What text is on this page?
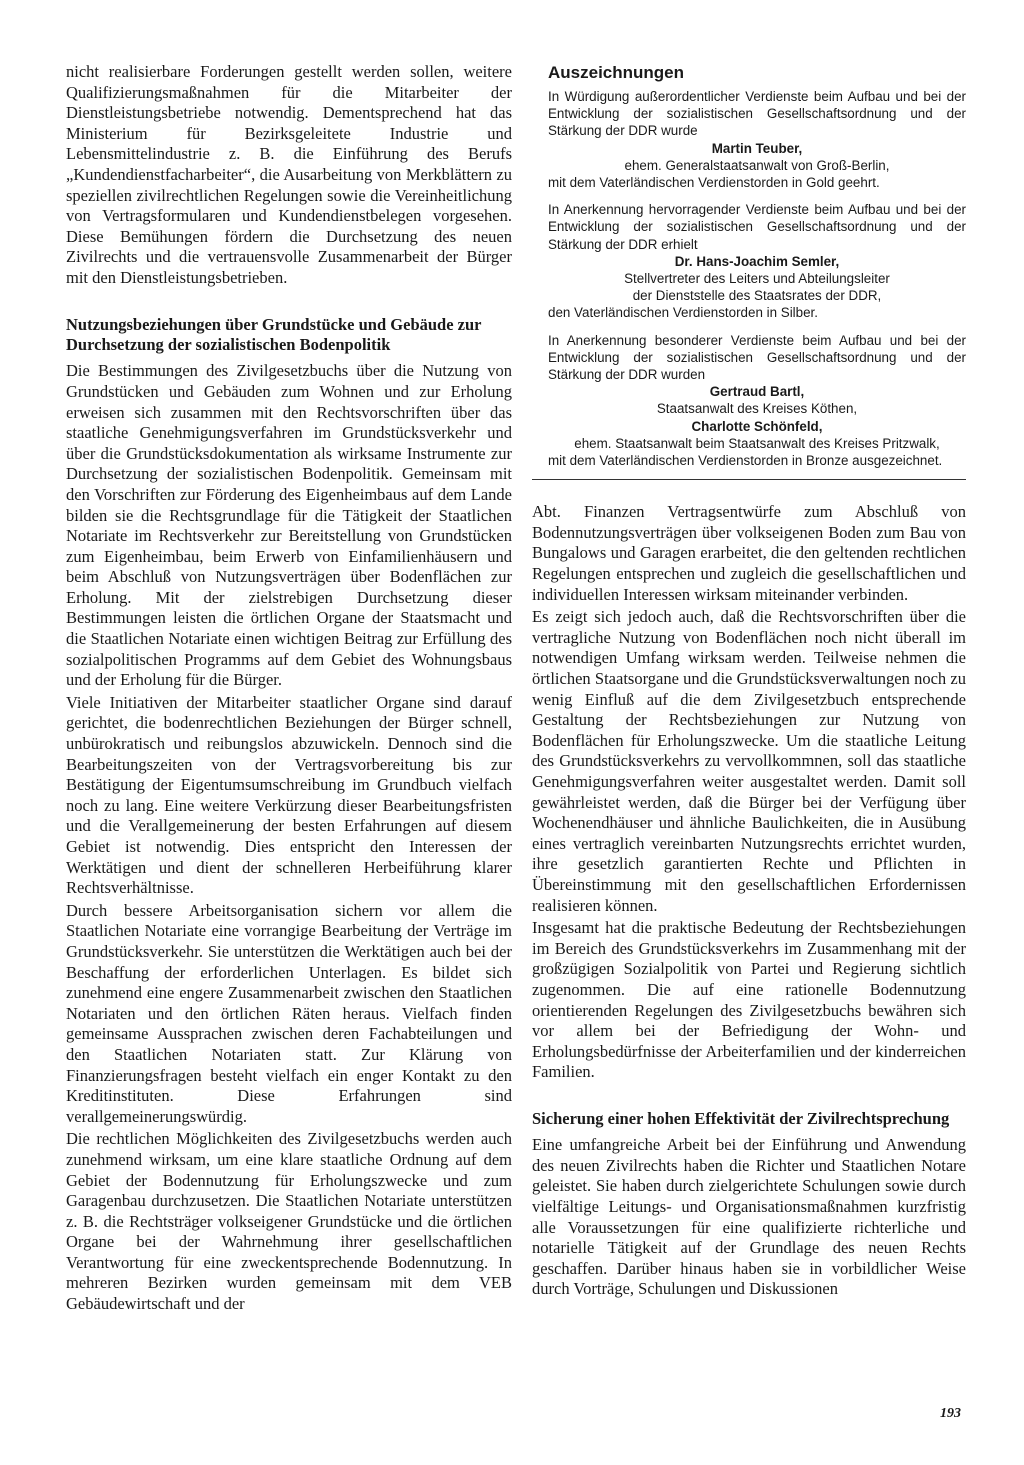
nicht realisierbare Forderungen gestellt werden sollen, weitere Qualifizierungsmaßnahmen für die Mitarbeiter der Dienstleistungsbetriebe notwendig. Dementsprechend hat das Ministerium für Bezirksgeleitete Industrie und Lebensmittelindustrie z. B. die Einführung des Berufs „Kundendienstfacharbeiter“, die Ausarbeitung von Merkblättern zu speziellen zivilrechtlichen Regelungen sowie die Vereinheitlichung von Vertragsformularen und Kundendienstbelegen vorgesehen. Diese Bemühungen fördern die Durchsetzung des neuen Zivilrechts und die vertrauensvolle Zusammenarbeit der Bürger mit den Dienstleistungsbetrieben.

Nutzungsbeziehungen über Grundstücke und Gebäude zur Durchsetzung der sozialistischen Bodenpolitik

Die Bestimmungen des Zivilgesetzbuchs über die Nutzung von Grundstücken und Gebäuden zum Wohnen und zur Erholung erweisen sich zusammen mit den Rechtsvorschriften über das staatliche Genehmigungsverfahren im Grundstücksverkehr und über die Grundstücksdokumentation als wirksame Instrumente zur Durchsetzung der sozialistischen Bodenpolitik. Gemeinsam mit den Vorschriften zur Förderung des Eigenheimbaus auf dem Lande bilden sie die Rechtsgrundlage für die Tätigkeit der Staatlichen Notariate im Rechtsverkehr zur Bereitstellung von Grundstücken zum Eigenheimbau, beim Erwerb von Einfamilienhäusern und beim Abschluß von Nutzungsverträgen über Bodenflächen zur Erholung. Mit der zielstrebigen Durchsetzung dieser Bestimmungen leisten die örtlichen Organe der Staatsmacht und die Staatlichen Notariate einen wichtigen Beitrag zur Erfüllung des sozialpolitischen Programms auf dem Gebiet des Wohnungsbaus und der Erholung für die Bürger.

Viele Initiativen der Mitarbeiter staatlicher Organe sind darauf gerichtet, die bodenrechtlichen Beziehungen der Bürger schnell, unbürokratisch und reibungslos abzuwickeln. Dennoch sind die Bearbeitungszeiten von der Vertragsvorbereitung bis zur Bestätigung der Eigentumsumschreibung im Grundbuch vielfach noch zu lang. Eine weitere Verkürzung dieser Bearbeitungsfristen und die Verallgemeinerung der besten Erfahrungen auf diesem Gebiet ist notwendig. Dies entspricht den Interessen der Werktätigen und dient der schnelleren Herbeiführung klarer Rechtsverhältnisse.

Durch bessere Arbeitsorganisation sichern vor allem die Staatlichen Notariate eine vorrangige Bearbeitung der Verträge im Grundstücksverkehr. Sie unterstützen die Werktätigen auch bei der Beschaffung der erforderlichen Unterlagen. Es bildet sich zunehmend eine engere Zusammenarbeit zwischen den Staatlichen Notariaten und den örtlichen Räten heraus. Vielfach finden gemeinsame Aussprachen zwischen deren Fachabteilungen und den Staatlichen Notariaten statt. Zur Klärung von Finanzierungsfragen besteht vielfach ein enger Kontakt zu den Kreditinstituten. Diese Erfahrungen sind verallgemeinerungswürdig.

Die rechtlichen Möglichkeiten des Zivilgesetzbuchs werden auch zunehmend wirksam, um eine klare staatliche Ordnung auf dem Gebiet der Bodennutzung für Erholungszwecke und zum Garagenbau durchzusetzen. Die Staatlichen Notariate unterstützen z. B. die Rechtsträger volkseigener Grundstücke und die örtlichen Organe bei der Wahrnehmung ihrer gesellschaftlichen Verantwortung für eine zweckentsprechende Bodennutzung. In mehreren Bezirken wurden gemeinsam mit dem VEB Gebäudewirtschaft und der

Auszeichnungen
In Würdigung außerordentlicher Verdienste beim Aufbau und bei der Entwicklung der sozialistischen Gesellschaftsordnung und der Stärkung der DDR wurde
Martin Teuber,
ehem. Generalstaatsanwalt von Groß-Berlin,
mit dem Vaterländischen Verdienstorden in Gold geehrt.
In Anerkennung hervorragender Verdienste beim Aufbau und bei der Entwicklung der sozialistischen Gesellschaftsordnung und der Stärkung der DDR erhielt
Dr. Hans-Joachim Semler,
Stellvertreter des Leiters und Abteilungsleiter
der Dienststelle des Staatsrates der DDR,
den Vaterländischen Verdienstorden in Silber.
In Anerkennung besonderer Verdienste beim Aufbau und bei der Entwicklung der sozialistischen Gesellschaftsordnung und der Stärkung der DDR wurden
Gertraud Bartl,
Staatsanwalt des Kreises Köthen,
Charlotte Schönfeld,
ehem. Staatsanwalt beim Staatsanwalt des Kreises Pritzwalk,
mit dem Vaterländischen Verdienstorden in Bronze ausgezeichnet.

Abt. Finanzen Vertragsentwürfe zum Abschluß von Bodennutzungsverträgen über volkseigenen Boden zum Bau von Bungalows und Garagen erarbeitet, die den geltenden rechtlichen Regelungen entsprechen und zugleich die gesellschaftlichen und individuellen Interessen wirksam miteinander verbinden.

Es zeigt sich jedoch auch, daß die Rechtsvorschriften über die vertragliche Nutzung von Bodenflächen noch nicht überall im notwendigen Umfang wirksam werden. Teilweise nehmen die örtlichen Staatsorgane und die Grundstücksverwaltungen noch zu wenig Einfluß auf die dem Zivilgesetzbuch entsprechende Gestaltung der Rechtsbeziehungen zur Nutzung von Bodenflächen für Erholungszwecke. Um die staatliche Leitung des Grundstücksverkehrs zu vervollkommnen, soll das staatliche Genehmigungsverfahren weiter ausgestaltet werden. Damit soll gewährleistet werden, daß die Bürger bei der Verfügung über Wochenendhäuser und ähnliche Baulichkeiten, die in Ausübung eines vertraglich vereinbarten Nutzungsrechts errichtet wurden, ihre gesetzlich garantierten Rechte und Pflichten in Übereinstimmung mit den gesellschaftlichen Erfordernissen realisieren können.

Insgesamt hat die praktische Bedeutung der Rechtsbeziehungen im Bereich des Grundstücksverkehrs im Zusammenhang mit der großzügigen Sozialpolitik von Partei und Regierung sichtlich zugenommen. Die auf eine rationelle Bodennutzung orientierenden Regelungen des Zivilgesetzbuchs bewähren sich vor allem bei der Befriedigung der Wohn- und Erholungsbedürfnisse der Arbeiterfamilien und der kinderreichen Familien.

Sicherung einer hohen Effektivität der Zivilrechtsprechung

Eine umfangreiche Arbeit bei der Einführung und Anwendung des neuen Zivilrechts haben die Richter und Staatlichen Notare geleistet. Sie haben durch zielgerichtete Schulungen sowie durch vielfältige Leitungs- und Organisationsmaßnahmen kurzfristig alle Voraussetzungen für eine qualifizierte richterliche und notarielle Tätigkeit auf der Grundlage des neuen Rechts geschaffen. Darüber hinaus haben sie in vorbildlicher Weise durch Vorträge, Schulungen und Diskussionen

193
